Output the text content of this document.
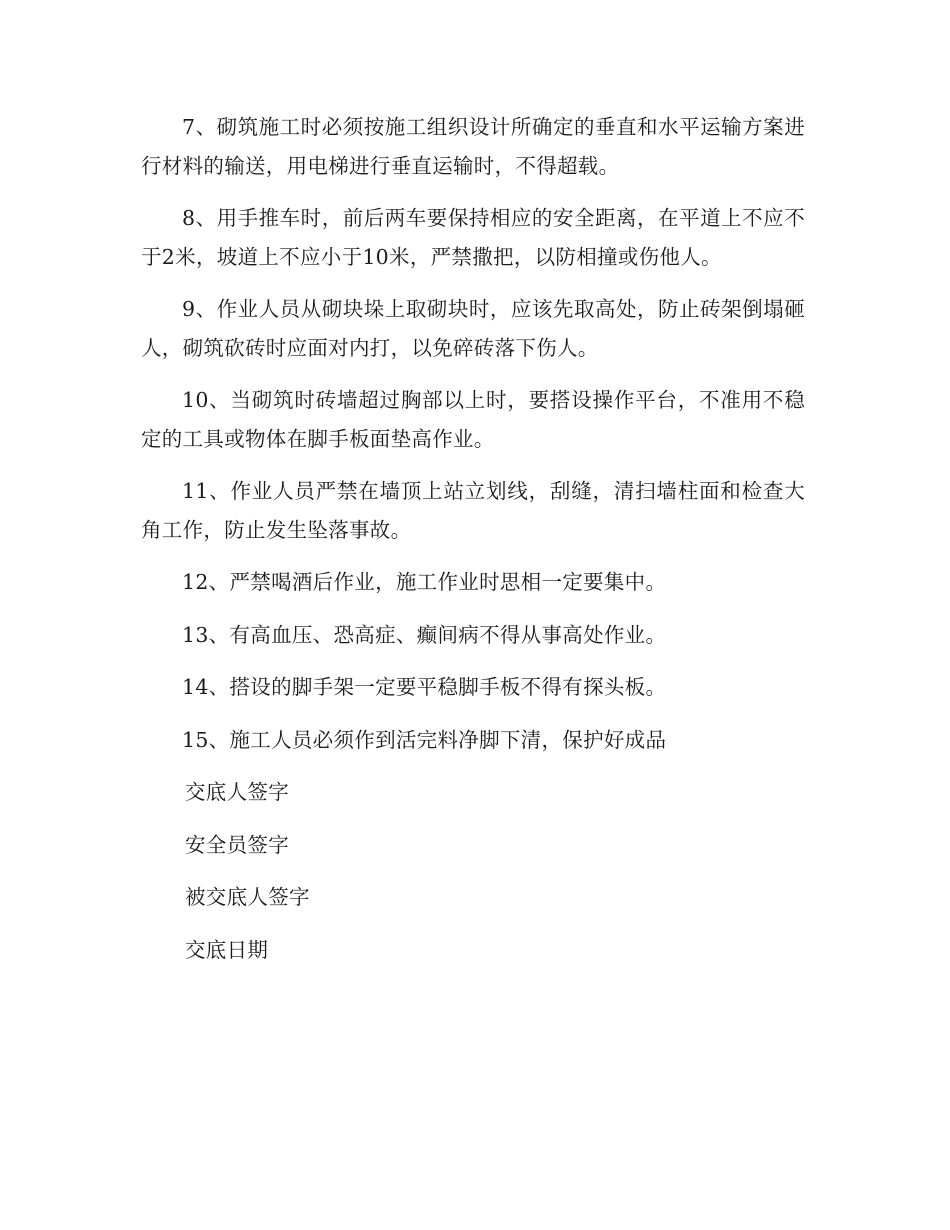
7、砌筑施工时必须按施工组织设计所确定的垂直和水平运输方案进行材料的输送，用电梯进行垂直运输时，不得超载。

8、用手推车时，前后两车要保持相应的安全距离，在平道上不应不于2米，坡道上不应小于10米，严禁撒把，以防相撞或伤他人。

9、作业人员从砌块垛上取砌块时，应该先取高处，防止砖架倒塌砸人，砌筑砍砖时应面对内打，以免碎砖落下伤人。

10、当砌筑时砖墙超过胸部以上时，要搭设操作平台，不准用不稳定的工具或物体在脚手板面垫高作业。

11、作业人员严禁在墙顶上站立划线，刮缝，清扫墙柱面和检查大角工作，防止发生坠落事故。

12、严禁喝酒后作业，施工作业时思相一定要集中。

13、有高血压、恐高症、癫间病不得从事高处作业。

14、搭设的脚手架一定要平稳脚手板不得有探头板。

15、施工人员必须作到活完料净脚下清，保护好成品

交底人签字
安全员签字
被交底人签字
交底日期
